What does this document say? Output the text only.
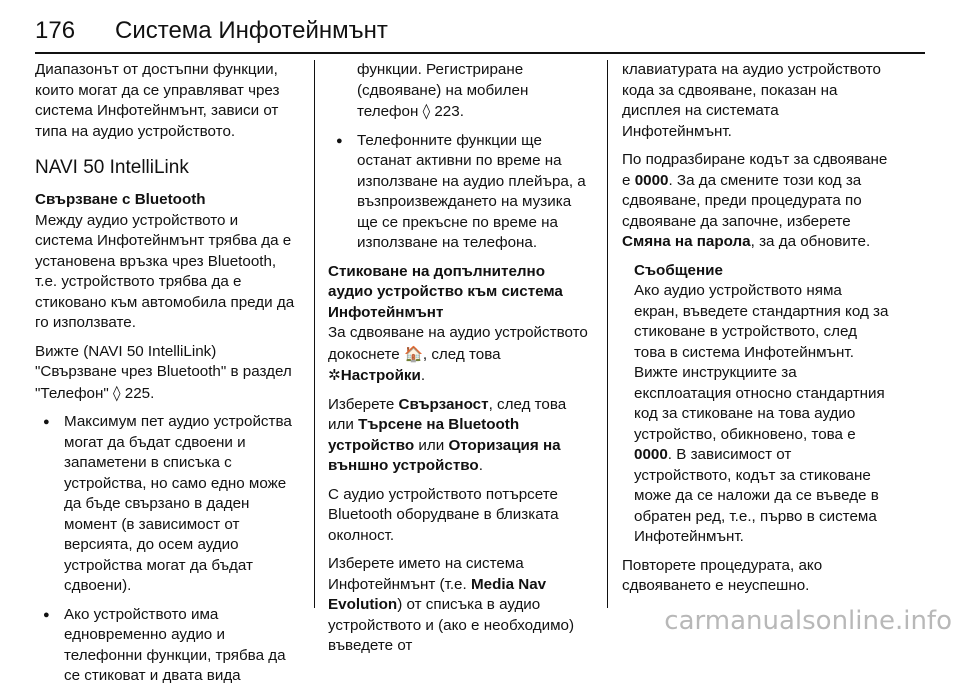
176 Система Инфотейнмънт

Диапазонът от достъпни функции, които могат да се управляват чрез система Инфотейнмънт, зависи от типа на аудио устройството.

NAVI 50 IntelliLink
Свързване с Bluetooth

Между аудио устройството и система Инфотейнмънт трябва да е установена връзка чрез Bluetooth, т.е. устройството трябва да е стиковано към автомобила преди да го използвате.

Вижте (NAVI 50 IntelliLink) "Свързване чрез Bluetooth" в раздел "Телефон" ◊ 225.

● Максимум пет аудио устройства могат да бъдат сдвоени и запаметени в списъка с устройства, но само едно може да бъде свързано в даден момент (в зависимост от версията, до осем аудио устройства могат да бъдат сдвоени).
● Ако устройството има едновременно аудио и телефонни функции, трябва да се стиковат и двата вида

функции. Регистриране (сдвояване) на мобилен телефон ◊ 223.

● Телефонните функции ще останат активни по време на използване на аудио плейъра, а възпроизвеждането на музика ще се прекъсне по време на използване на телефона.
Стиковане на допълнително аудио устройство към система Инфотейнмънт

За сдвояване на аудио устройството докоснете 🏠, след това ✲Настройки.

Изберете Свързаност, след това или Търсене на Bluetooth устройство или Оторизация на външно устройство.

С аудио устройството потърсете Bluetooth оборудване в близката околност.

Изберете името на система Инфотейнмънт (т.е. Media Nav Evolution) от списъка в аудио устройството и (ако е необходимо) въведете от

клавиатурата на аудио устройството кода за сдвояване, показан на дисплея на системата Инфотейнмънт.

По подразбиране кодът за сдвояване е 0000. За да смените този код за сдвояване, преди процедурата по сдвояване да започне, изберете Смяна на парола, за да обновите.

Съобщение
Ако аудио устройството няма екран, въведете стандартния код за стиковане в устройството, след това в система Инфотейнмънт. Вижте инструкциите за експлоатация относно стандартния код за стиковане на това аудио устройство, обикновено, това е 0000. В зависимост от устройството, кодът за стиковане може да се наложи да се въведе в обратен ред, т.е., първо в система Инфотейнмънт.

Повторете процедурата, ако сдвояването е неуспешно.

carmanualsonline.info
